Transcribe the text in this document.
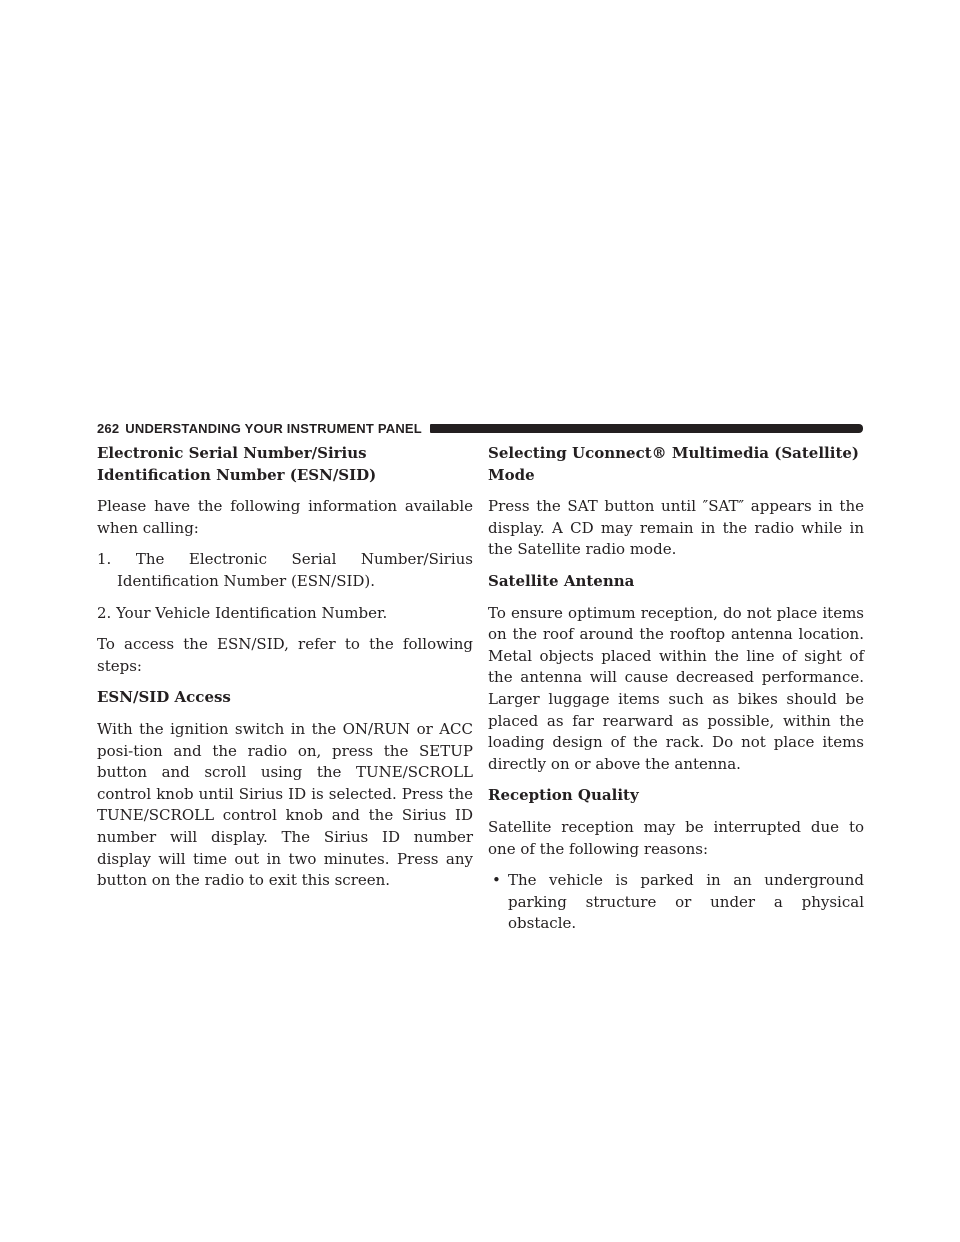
262 UNDERSTANDING YOUR INSTRUMENT PANEL
Electronic Serial Number/Sirius Identification Number (ESN/SID)

Please have the following information available when calling:

1. The Electronic Serial Number/Sirius Identification Number (ESN/SID).
2. Your Vehicle Identification Number.

To access the ESN/SID, refer to the following steps:

ESN/SID Access

With the ignition switch in the ON/RUN or ACC posi-tion and the radio on, press the SETUP button and scroll using the TUNE/SCROLL control knob until Sirius ID is selected. Press the TUNE/SCROLL control knob and the Sirius ID number will display. The Sirius ID number display will time out in two minutes. Press any button on the radio to exit this screen.

Selecting Uconnect® Multimedia (Satellite) Mode

Press the SAT button until ″SAT″ appears in the display. A CD may remain in the radio while in the Satellite radio mode.

Satellite Antenna

To ensure optimum reception, do not place items on the roof around the rooftop antenna location. Metal objects placed within the line of sight of the antenna will cause decreased performance. Larger luggage items such as bikes should be placed as far rearward as possible, within the loading design of the rack. Do not place items directly on or above the antenna.

Reception Quality

Satellite reception may be interrupted due to one of the following reasons:

• The vehicle is parked in an underground parking structure or under a physical obstacle.
